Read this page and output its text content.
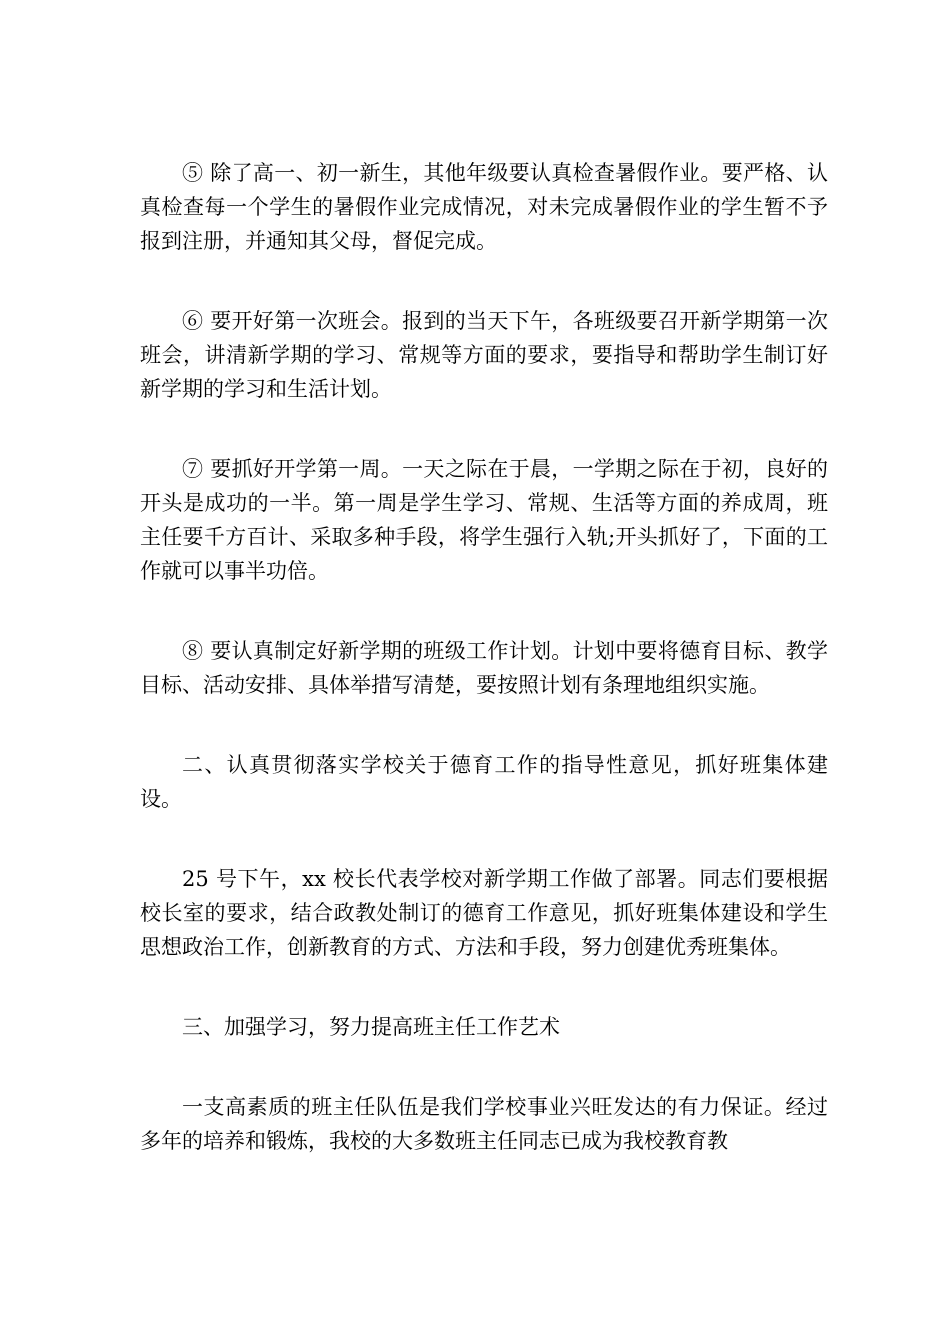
⑤ 除了高一、初一新生，其他年级要认真检查暑假作业。要严格、认真检查每一个学生的暑假作业完成情况，对未完成暑假作业的学生暂不予报到注册，并通知其父母，督促完成。

⑥ 要开好第一次班会。报到的当天下午，各班级要召开新学期第一次班会，讲清新学期的学习、常规等方面的要求，要指导和帮助学生制订好新学期的学习和生活计划。

⑦ 要抓好开学第一周。一天之际在于晨，一学期之际在于初，良好的开头是成功的一半。第一周是学生学习、常规、生活等方面的养成周，班主任要千方百计、采取多种手段，将学生强行入轨;开头抓好了，下面的工作就可以事半功倍。

⑧ 要认真制定好新学期的班级工作计划。计划中要将德育目标、教学目标、活动安排、具体举措写清楚，要按照计划有条理地组织实施。

二、认真贯彻落实学校关于德育工作的指导性意见，抓好班集体建设。

25 号下午，xx 校长代表学校对新学期工作做了部署。同志们要根据校长室的要求，结合政教处制订的德育工作意见，抓好班集体建设和学生思想政治工作，创新教育的方式、方法和手段，努力创建优秀班集体。

三、加强学习，努力提高班主任工作艺术

一支高素质的班主任队伍是我们学校事业兴旺发达的有力保证。经过多年的培养和锻炼，我校的大多数班主任同志已成为我校教育教
